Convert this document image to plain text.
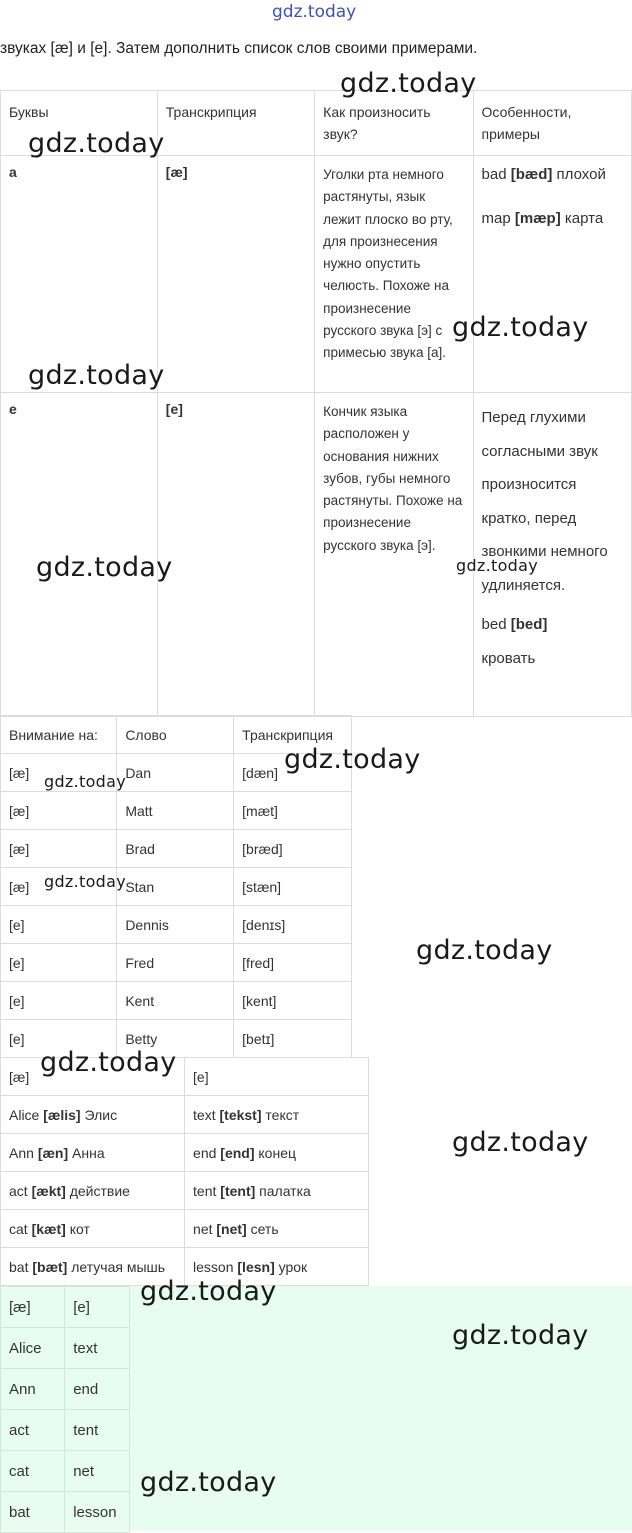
gdz.today
звуках [æ] и [e]. Затем дополнить список слов своими примерами.
Буквы	Транскрипция	Как произносить звук?	Особенности, примеры

a	[æ]	Уголки рта немного растянуты, язык лежит плоско во рту, для произнесения нужно опустить челюсть. Похоже на произнесение русского звука [э] с примесью звука [а].	bad [bæd] плохой

map [mæp] карта

e	[e]	Кончик языка расположен у основания нижних зубов, губы немного растянуты. Похоже на произнесение русского звука [э].	Перед глухими согласными звук произносится кратко, перед звонкими немного удлиняется.

bed [bed]

кровать

Внимание на:	Слово	Транскрипция

[æ]	Dan	[dæn]

[æ]	Matt	[mæt]

[æ]	Brad	[bræd]

[æ]	Stan	[stæn]

[e]	Dennis	[denɪs]

[e]	Fred	[fred]

[e]	Kent	[kent]

[e]	Betty	[betɪ]
[æ]	[e]

Alice [ælis] Элис	text [tekst] текст

Ann [æn] Анна	end [end] конец

act [ækt] действие	tent [tent] палатка

cat [kæt] кот	net [net] сеть

bat [bæt] летучая мышь	lesson [lesn] урок
[æ]	[e]

Alice	text

Ann	end

act	tent

cat	net

bat	lesson
gdz.today
gdz.today
gdz.today
gdz.today
gdz.today
gdz.today
gdz.today
gdz.today
gdz.today
gdz.today
gdz.today
gdz.today
gdz.today
gdz.today
gdz.today
